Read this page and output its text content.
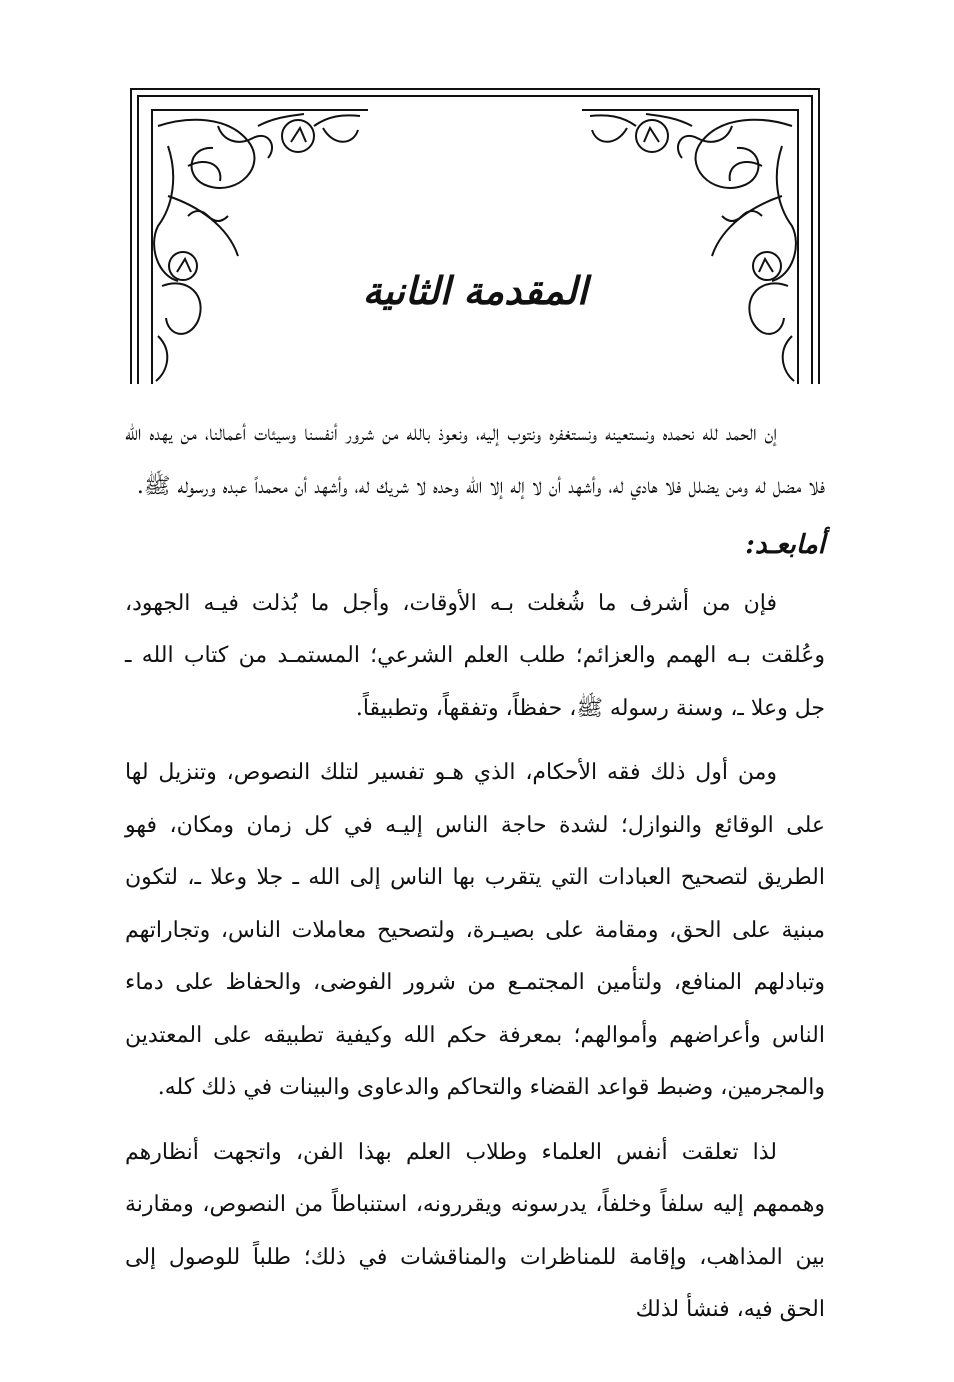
المقدمة الثانية

إن الحمد لله نحمده ونستعينه ونستغفره ونتوب إليه، ونعوذ بالله من شرور أنفسنا وسيئات أعمالنا، من يهده الله فلا مضل له ومن يضلل فلا هادي له، وأشهد أن لا إله إلا الله وحده لا شريك له، وأشهد أن محمداً عبده ورسوله ﷺ.

أمابعـد:

فإن من أشرف ما شُغلت بـه الأوقات، وأجل ما بُذلت فيـه الجهود، وعُلقت بـه الهمم والعزائم؛ طلب العلم الشرعي؛ المستمـد من كتاب الله ـ جل وعلا ـ، وسنة رسوله ﷺ، حفظاً، وتفقهاً، وتطبيقاً.

ومن أول ذلك فقه الأحكام، الذي هـو تفسير لتلك النصوص، وتنزيل لها على الوقائع والنوازل؛ لشدة حاجة الناس إليـه في كل زمان ومكان، فهو الطريق لتصحيح العبادات التي يتقرب بها الناس إلى الله ـ جلا وعلا ـ، لتكون مبنية على الحق، ومقامة على بصيـرة، ولتصحيح معاملات الناس، وتجاراتهم وتبادلهم المنافع، ولتأمين المجتمـع من شرور الفوضى، والحفاظ على دماء الناس وأعراضهم وأموالهم؛ بمعرفة حكم الله وكيفية تطبيقه على المعتدين والمجرمين، وضبط قواعد القضاء والتحاكم والدعاوى والبينات في ذلك كله.

لذا تعلقت أنفس العلماء وطلاب العلم بهذا الفن، واتجهت أنظارهم وهممهم إليه سلفاً وخلفاً، يدرسونه ويقررونه، استنباطاً من النصوص، ومقارنة بين المذاهب، وإقامة للمناظرات والمناقشات في ذلك؛ طلباً للوصول إلى الحق فيه، فنشأ لذلك
